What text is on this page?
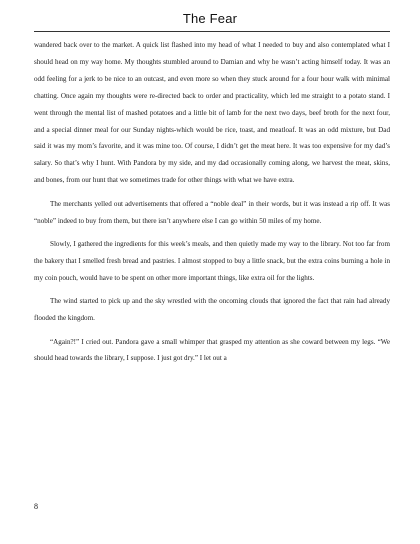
The Fear

wandered back over to the market. A quick list flashed into my head of what I needed to buy and also contemplated what I should head on my way home. My thoughts stumbled around to Damian and why he wasn’t acting himself today. It was an odd feeling for a jerk to be nice to an outcast, and even more so when they stuck around for a four hour walk with minimal chatting. Once again my thoughts were re-directed back to order and practicality, which led me straight to a potato stand. I went through the mental list of mashed potatoes and a little bit of lamb for the next two days, beef broth for the next four, and a special dinner meal for our Sunday nights-which would be rice, toast, and meatloaf. It was an odd mixture, but Dad said it was my mom’s favorite, and it was mine too. Of course, I didn’t get the meat here. It was too expensive for my dad’s salary. So that’s why I hunt. With Pandora by my side, and my dad occasionally coming along, we harvest the meat, skins, and bones, from our hunt that we sometimes trade for other things with what we have extra.

The merchants yelled out advertisements that offered a “noble deal” in their words, but it was instead a rip off. It was “noble” indeed to buy from them, but there isn’t anywhere else I can go within 50 miles of my home.

Slowly, I gathered the ingredients for this week’s meals, and then quietly made my way to the library. Not too far from the bakery that I smelled fresh bread and pastries. I almost stopped to buy a little snack, but the extra coins burning a hole in my coin pouch, would have to be spent on other more important things, like extra oil for the lights.

The wind started to pick up and the sky wrestled with the oncoming clouds that ignored the fact that rain had already flooded the kingdom.

“Again?!” I cried out. Pandora gave a small whimper that grasped my attention as she coward between my legs. “We should head towards the library, I suppose. I just got dry.” I let out a

8
